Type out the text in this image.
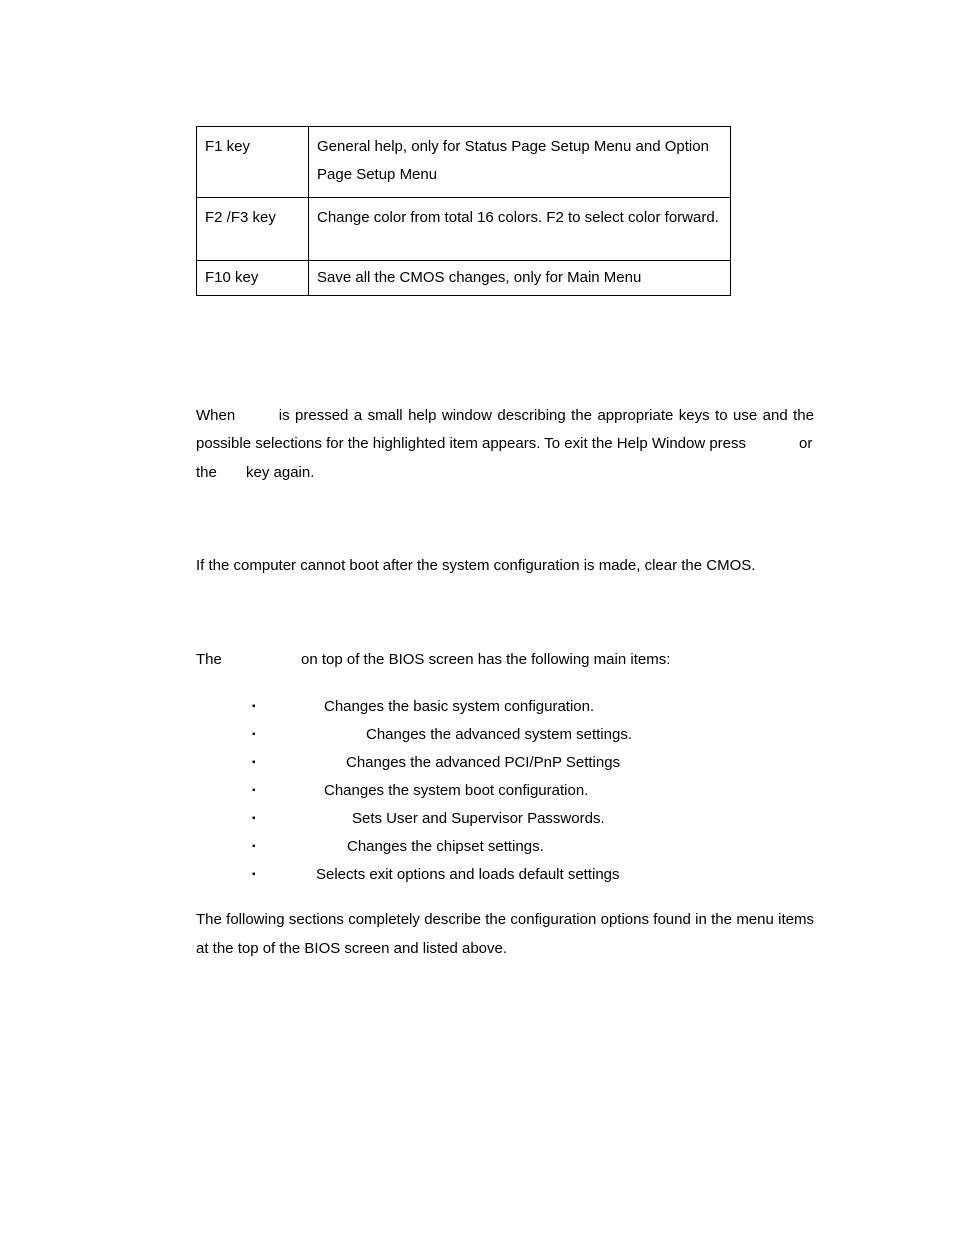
F1 key	General help, only for Status Page Setup Menu and Option Page Setup Menu
F2 /F3 key	Change color from total 16 colors. F2 to select color forward.
F10 key	Save all the CMOS changes, only for Main Menu
When        is pressed a small help window describing the appropriate keys to use and the
possible selections for the highlighted item appears. To exit the Help Window press	or
the       key again.
If the computer cannot boot after the system configuration is made, clear the CMOS.
The	on top of the BIOS screen has the following main items:
▪	Changes the basic system configuration.
▪	Changes the advanced system settings.
▪	Changes the advanced PCI/PnP Settings
▪	Changes the system boot configuration.
▪	Sets User and Supervisor Passwords.
▪	Changes the chipset settings.
▪	Selects exit options and loads default settings

The following sections completely describe the configuration options found in the menu items at the top of the BIOS screen and listed above.
